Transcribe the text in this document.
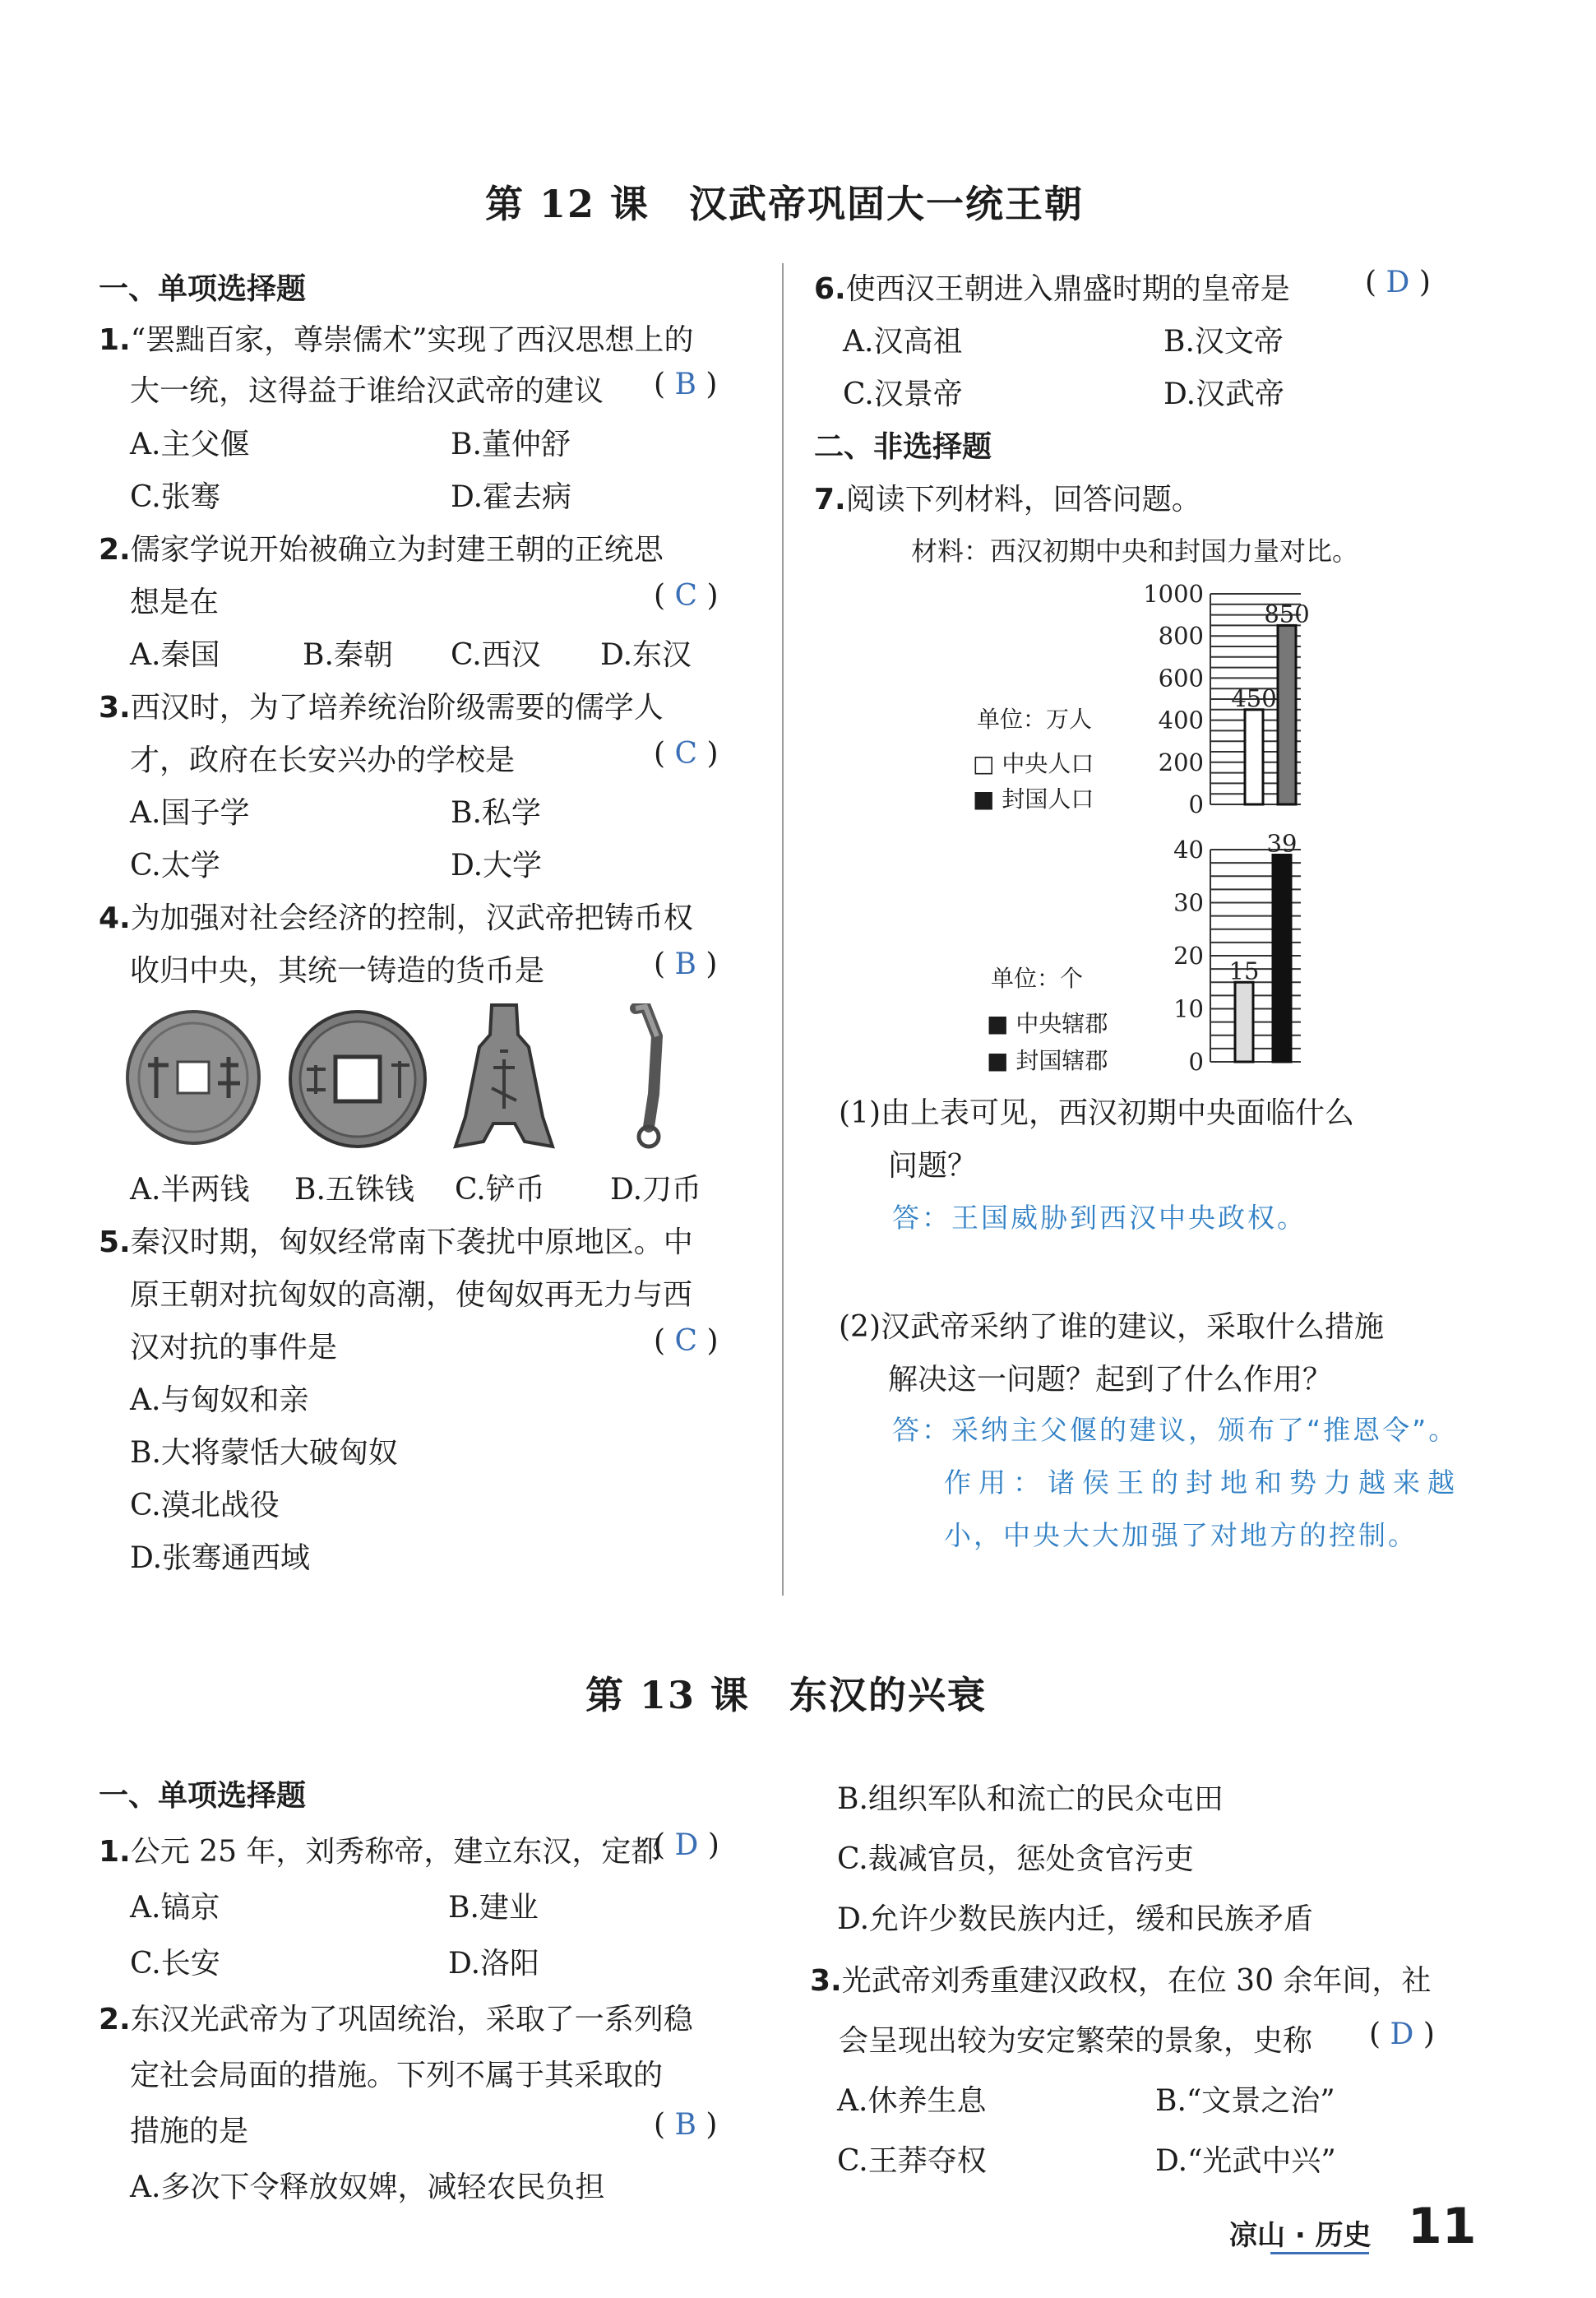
第 12 课　汉武帝巩固大一统王朝
一、单项选择题
1.“罢黜百家，尊崇儒术”实现了西汉思想上的
大一统，这得益于谁给汉武帝的建议 ( B )
A.主父偃	B.董仲舒
C.张骞	D.霍去病
2.儒家学说开始被确立为封建王朝的正统思
想是在	( C )
A.秦国	B.秦朝 C.西汉 D.东汉
3.西汉时，为了培养统治阶级需要的儒学人
才，政府在长安兴办的学校是	( C )
A.国子学	B.私学
C.太学	D.大学
4.为加强对社会经济的控制，汉武帝把铸币权
收归中央，其统一铸造的货币是	( B )
A.半两钱 B.五铢钱 C.铲币 D.刀币
5.秦汉时期，匈奴经常南下袭扰中原地区。中
原王朝对抗匈奴的高潮，使匈奴再无力与西
汉对抗的事件是	( C )
A.与匈奴和亲
B.大将蒙恬大破匈奴
C.漠北战役
D.张骞通西域
6.使西汉王朝进入鼎盛时期的皇帝是	( D )
A.汉高祖	B.汉文帝
C.汉景帝	D.汉武帝
二、非选择题
7.阅读下列材料，回答问题。
材料：西汉初期中央和封国力量对比。
单位：万人
□ 中央人口
■ 封国人口	0
200
400
600
800
1000
450
850
单位：个
■ 中央辖郡
■ 封国辖郡	0
10
20
30
40
15
39
(1)由上表可见，西汉初期中央面临什么
问题？
答：王国威胁到西汉中央政权。
(2)汉武帝采纳了谁的建议，采取什么措施
解决这一问题？起到了什么作用？
答：采纳主父偃的建议，颁布了“推恩令”。
作用：诸侯王的封地和势力越来越
小，中央大大加强了对地方的控制。
第 13 课　东汉的兴衰
一、单项选择题
1.公元 25 年，刘秀称帝，建立东汉，定都
( D )
A.镐京	B.建业
C.长安	D.洛阳
2.东汉光武帝为了巩固统治，采取了一系列稳
定社会局面的措施。下列不属于其采取的
措施的是	( B )
A.多次下令释放奴婢，减轻农民负担
B.组织军队和流亡的民众屯田
C.裁减官员，惩处贪官污吏
D.允许少数民族内迁，缓和民族矛盾
3.光武帝刘秀重建汉政权，在位 30 余年间，社
会呈现出较为安定繁荣的景象，史称 ( D )
A.休养生息	B.“文景之治”
C.王莽夺权	D.“光武中兴”
凉山 · 历史 11
